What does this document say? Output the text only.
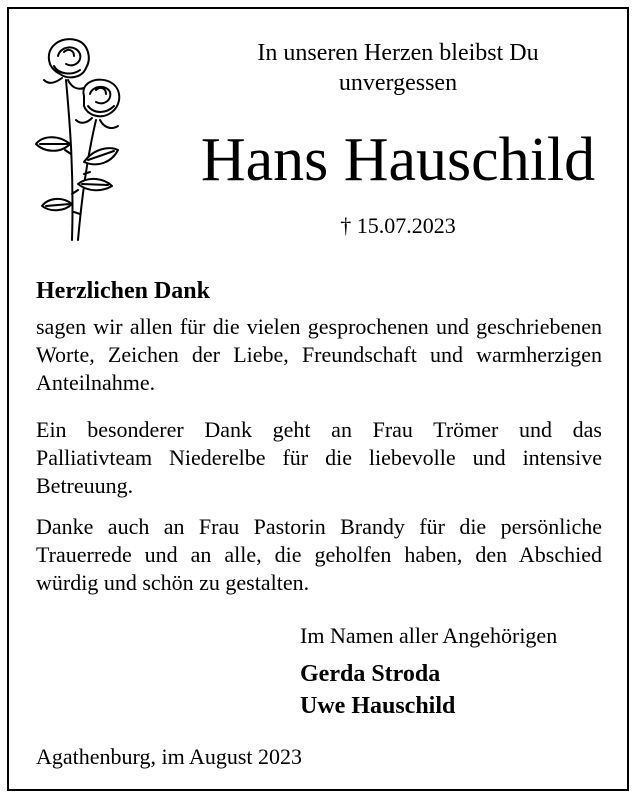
In unseren Herzen bleibst Du
unvergessen
Hans Hauschild
† 15.07.2023
Herzlichen Dank
sagen wir allen für die vielen gesprochenen und geschriebenen Worte, Zeichen der Liebe, Freundschaft und warmherzigen Anteilnahme.
Ein besonderer Dank geht an Frau Trömer und das Palliativteam Niederelbe für die liebevolle und intensive Betreuung.
Danke auch an Frau Pastorin Brandy für die persönliche Trauerrede und an alle, die geholfen haben, den Abschied würdig und schön zu gestalten.
Im Namen aller Angehörigen
Gerda Stroda
Uwe Hauschild
Agathenburg, im August 2023
